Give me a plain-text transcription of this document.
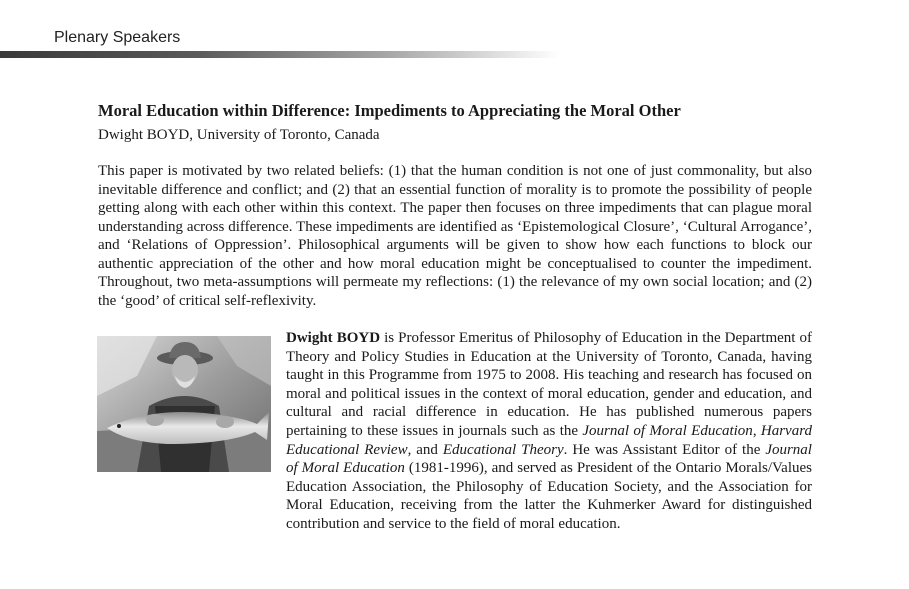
Plenary Speakers
Moral Education within Difference: Impediments to Appreciating the Moral Other
Dwight BOYD, University of Toronto, Canada

This paper is motivated by two related beliefs: (1) that the human condition is not one of just commonality, but also inevitable difference and conflict; and (2) that an essential function of morality is to promote the possibility of people getting along with each other within this context. The paper then focuses on three impediments that can plague moral understanding across difference. These impediments are identified as ‘Epistemological Closure’, ‘Cultural Arrogance’, and ‘Relations of Oppression’. Philosophical arguments will be given to show how each functions to block our authentic appreciation of the other and how moral education might be conceptualised to counter the impediment. Throughout, two meta-assumptions will permeate my reflections: (1) the relevance of my own social location; and (2) the ‘good’ of critical self-reflexivity.

Dwight BOYD is Professor Emeritus of Philosophy of Education in the Department of Theory and Policy Studies in Education at the University of Toronto, Canada, having taught in this Programme from 1975 to 2008. His teaching and research has focused on moral and political issues in the context of moral education, gender and education, and cultural and racial difference in education. He has published numerous papers pertaining to these issues in journals such as the Journal of Moral Education, Harvard Educational Review, and Educational Theory. He was Assistant Editor of the Journal of Moral Education (1981-1996), and served as President of the Ontario Morals/Values Education Association, the Philosophy of Education Society, and the Association for Moral Education, receiving from the latter the Kuhmerker Award for distinguished contribution and service to the field of moral education.
